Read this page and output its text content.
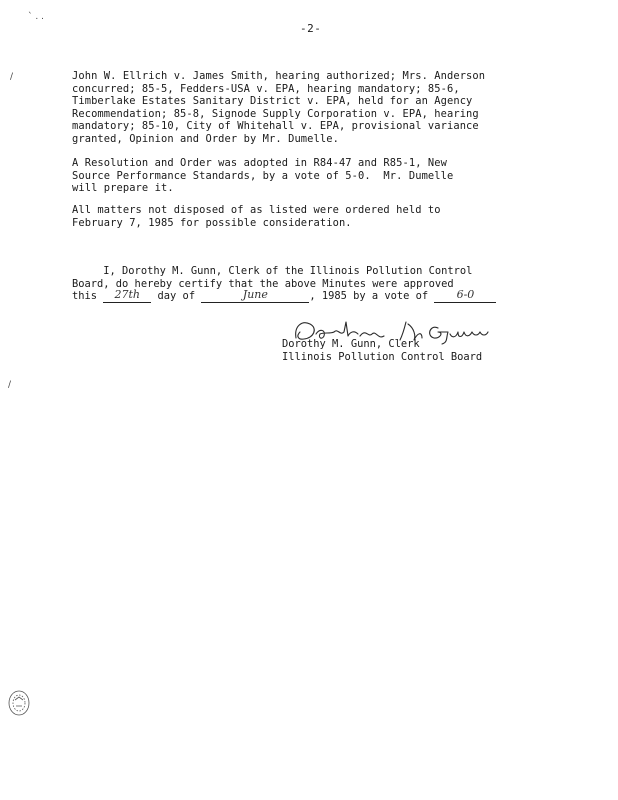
` . .
-2-
∕	John W. Ellrich v. James Smith, hearing authorized; Mrs. Anderson
concurred; 85-5, Fedders-USA v. EPA, hearing mandatory; 85-6,
Timberlake Estates Sanitary District v. EPA, held for an Agency
Recommendation; 85-8, Signode Supply Corporation v. EPA, hearing
mandatory; 85-10, City of Whitehall v. EPA, provisional variance
granted, Opinion and Order by Mr. Dumelle.

A Resolution and Order was adopted in R84-47 and R85-1, New
Source Performance Standards, by a vote of 5-0.  Mr. Dumelle
will prepare it.

All matters not disposed of as listed were ordered held to
February 7, 1985 for possible consideration.

I, Dorothy M. Gunn, Clerk of the Illinois Pollution Control
Board, do hereby certify that the above Minutes were approved
this 27th day of	June	, 1985 by a vote of 6-0
Dorothy M. Gunn, Clerk
Illinois Pollution Control Board
∕
